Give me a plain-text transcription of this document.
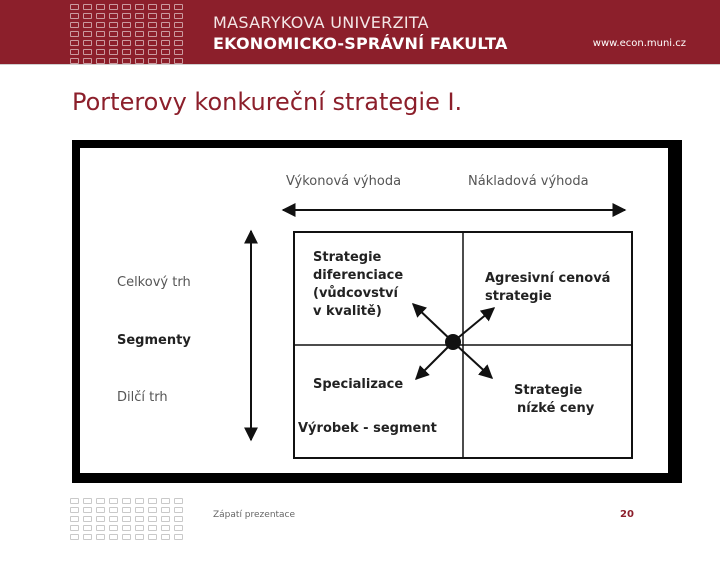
MASARYKOVA UNIVERZITA
EKONOMICKO-SPRÁVNÍ FAKULTA	www.econ.muni.cz
Porterovy konkureční strategie I.
Výkonová výhoda	Nákladová výhoda
Celkový trh
Segmenty
Dilčí trh
Strategie
diferenciace
(vůdcovství
v kvalitě)
Agresivní cenová
strategie
Specializace
Výrobek - segment
Strategie
nízké ceny
Zápatí prezentace	20
